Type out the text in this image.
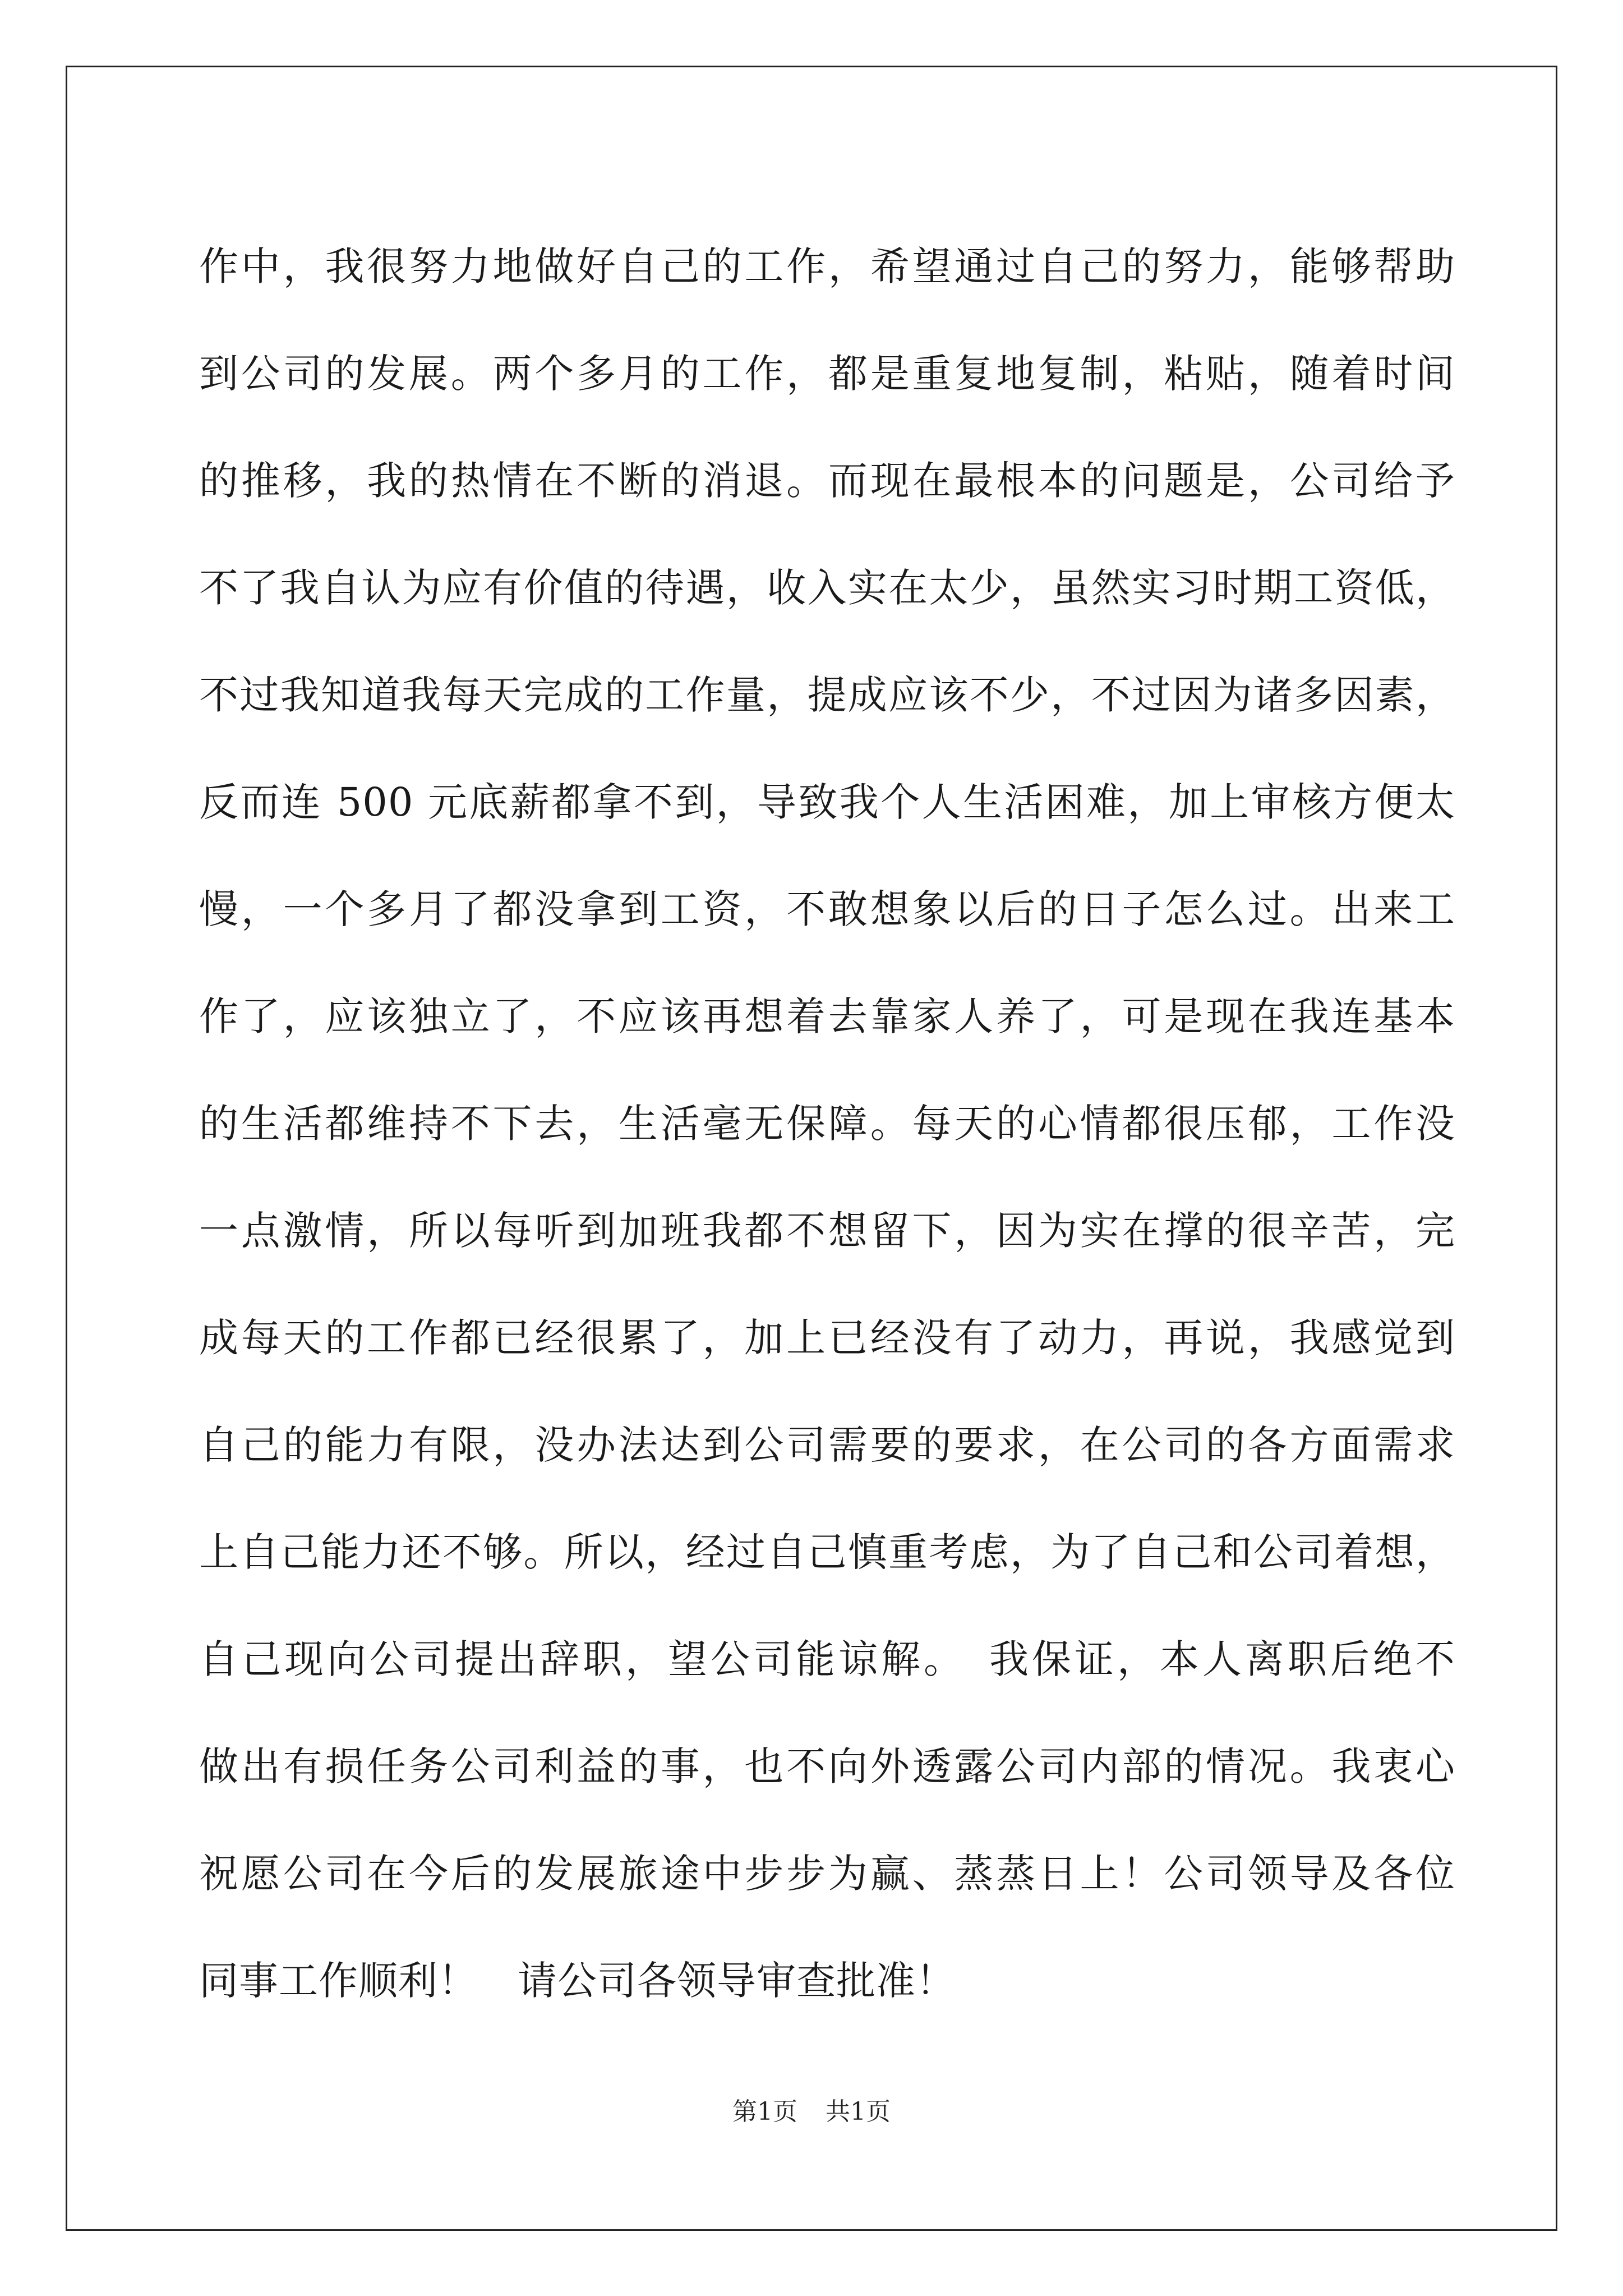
作中，我很努力地做好自己的工作，希望通过自己的努力，能够帮助
到公司的发展。两个多月的工作，都是重复地复制，粘贴，随着时间
的推移，我的热情在不断的消退。而现在最根本的问题是，公司给予
不了我自认为应有价值的待遇，收入实在太少，虽然实习时期工资低，
不过我知道我每天完成的工作量，提成应该不少，不过因为诸多因素，
反而连 500 元底薪都拿不到，导致我个人生活困难，加上审核方便太
慢，一个多月了都没拿到工资，不敢想象以后的日子怎么过。出来工
作了，应该独立了，不应该再想着去靠家人养了，可是现在我连基本
的生活都维持不下去，生活毫无保障。每天的心情都很压郁，工作没
一点激情，所以每听到加班我都不想留下，因为实在撑的很辛苦，完
成每天的工作都已经很累了，加上已经没有了动力，再说，我感觉到
自己的能力有限，没办法达到公司需要的要求，在公司的各方面需求
上自己能力还不够。所以，经过自己慎重考虑，为了自己和公司着想，
自己现向公司提出辞职，望公司能谅解。　我保证，本人离职后绝不
做出有损任务公司利益的事，也不向外透露公司内部的情况。我衷心
祝愿公司在今后的发展旅途中步步为赢、蒸蒸日上！公司领导及各位
同事工作顺利！　请公司各领导审查批准！
第1页 共1页
